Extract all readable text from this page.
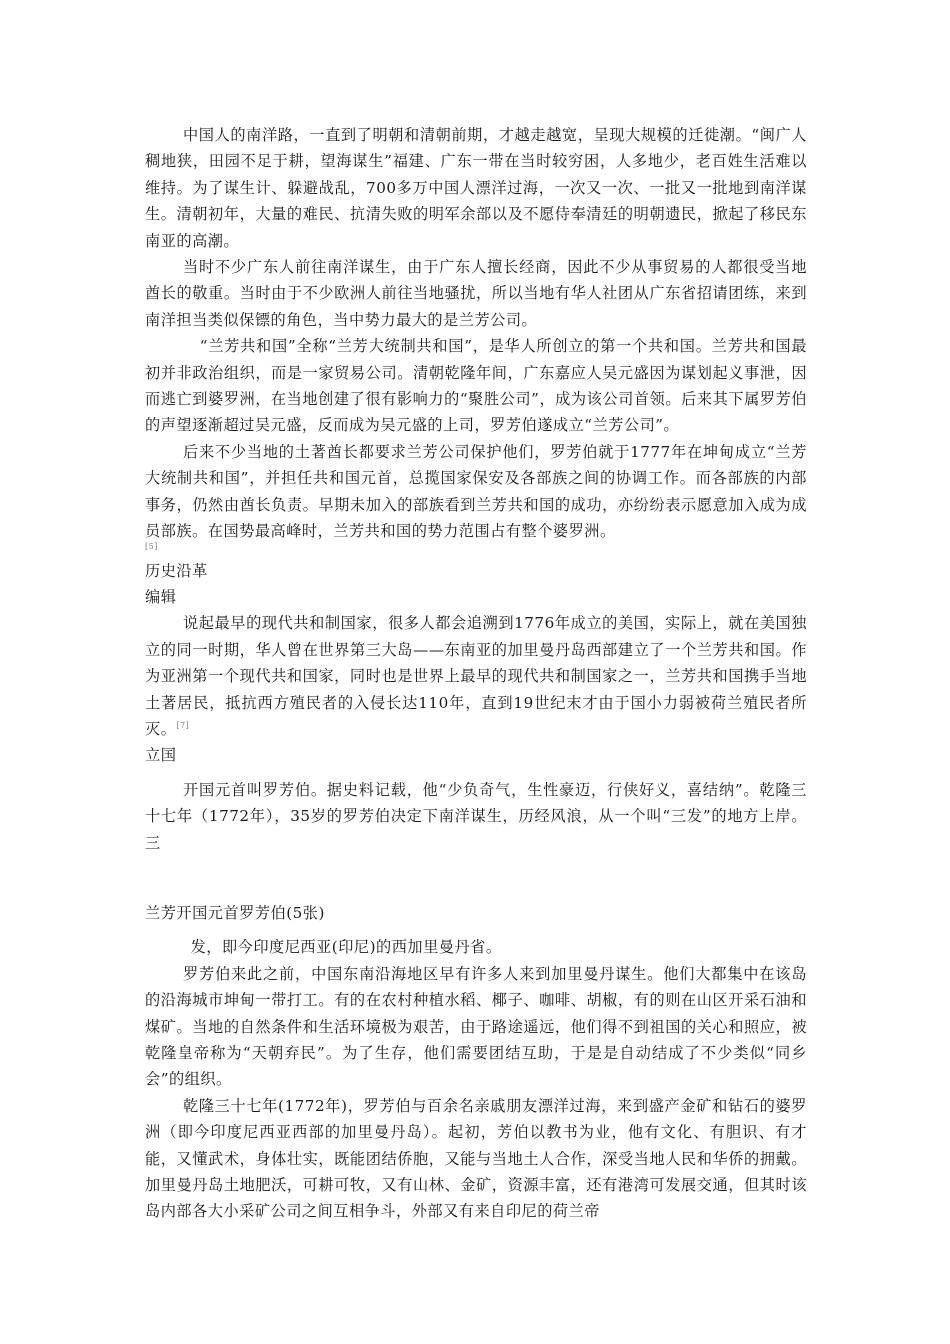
中国人的南洋路，一直到了明朝和清朝前期，才越走越宽，呈现大规模的迁徙潮。“闽广人稠地狭，田园不足于耕，望海谋生”福建、广东一带在当时较穷困，人多地少，老百姓生活难以维持。为了谋生计、躲避战乱，700多万中国人漂洋过海，一次又一次、一批又一批地到南洋谋生。清朝初年，大量的难民、抗清失败的明军余部以及不愿侍奉清廷的明朝遗民，掀起了移民东南亚的高潮。

当时不少广东人前往南洋谋生，由于广东人擅长经商，因此不少从事贸易的人都很受当地酋长的敬重。当时由于不少欧洲人前往当地骚扰，所以当地有华人社团从广东省招请团练，来到南洋担当类似保镖的角色，当中势力最大的是兰芳公司。

“兰芳共和国”全称“兰芳大统制共和国”，是华人所创立的第一个共和国。兰芳共和国最初并非政治组织，而是一家贸易公司。清朝乾隆年间，广东嘉应人吴元盛因为谋划起义事泄，因而逃亡到婆罗洲，在当地创建了很有影响力的“聚胜公司”，成为该公司首领。后来其下属罗芳伯的声望逐渐超过吴元盛，反而成为吴元盛的上司，罗芳伯遂成立“兰芳公司”。

后来不少当地的土著酋长都要求兰芳公司保护他们，罗芳伯就于1777年在坤甸成立“兰芳大统制共和国”，并担任共和国元首，总揽国家保安及各部族之间的协调工作。而各部族的内部事务，仍然由酋长负责。早期未加入的部族看到兰芳共和国的成功，亦纷纷表示愿意加入成为成员部族。在国势最高峰时，兰芳共和国的势力范围占有整个婆罗洲。
[5]

历史沿革
编辑

说起最早的现代共和制国家，很多人都会追溯到1776年成立的美国，实际上，就在美国独立的同一时期，华人曾在世界第三大岛——东南亚的加里曼丹岛西部建立了一个兰芳共和国。作为亚洲第一个现代共和国家，同时也是世界上最早的现代共和制国家之一，兰芳共和国携手当地土著居民，抵抗西方殖民者的入侵长达110年，直到19世纪末才由于国小力弱被荷兰殖民者所灭。[7]

立国

开国元首叫罗芳伯。据史料记载，他“少负奇气，生性豪迈，行侠好义，喜结纳”。乾隆三十七年（1772年），35岁的罗芳伯决定下南洋谋生，历经风浪，从一个叫“三发”的地方上岸。三

兰芳开国元首罗芳伯(5张)

发，即今印度尼西亚(印尼)的西加里曼丹省。

罗芳伯来此之前，中国东南沿海地区早有许多人来到加里曼丹谋生。他们大都集中在该岛的沿海城市坤甸一带打工。有的在农村种植水稻、椰子、咖啡、胡椒，有的则在山区开采石油和煤矿。当地的自然条件和生活环境极为艰苦，由于路途遥远，他们得不到祖国的关心和照应，被乾隆皇帝称为“天朝弃民”。为了生存，他们需要团结互助，于是是自动结成了不少类似“同乡会”的组织。

乾隆三十七年(1772年)，罗芳伯与百余名亲戚朋友漂洋过海，来到盛产金矿和钻石的婆罗洲（即今印度尼西亚西部的加里曼丹岛）。起初，芳伯以教书为业，他有文化、有胆识、有才能，又懂武术，身体壮实，既能团结侨胞，又能与当地土人合作，深受当地人民和华侨的拥戴。加里曼丹岛土地肥沃，可耕可牧，又有山林、金矿，资源丰富，还有港湾可发展交通，但其时该岛内部各大小采矿公司之间互相争斗，外部又有来自印尼的荷兰帝
